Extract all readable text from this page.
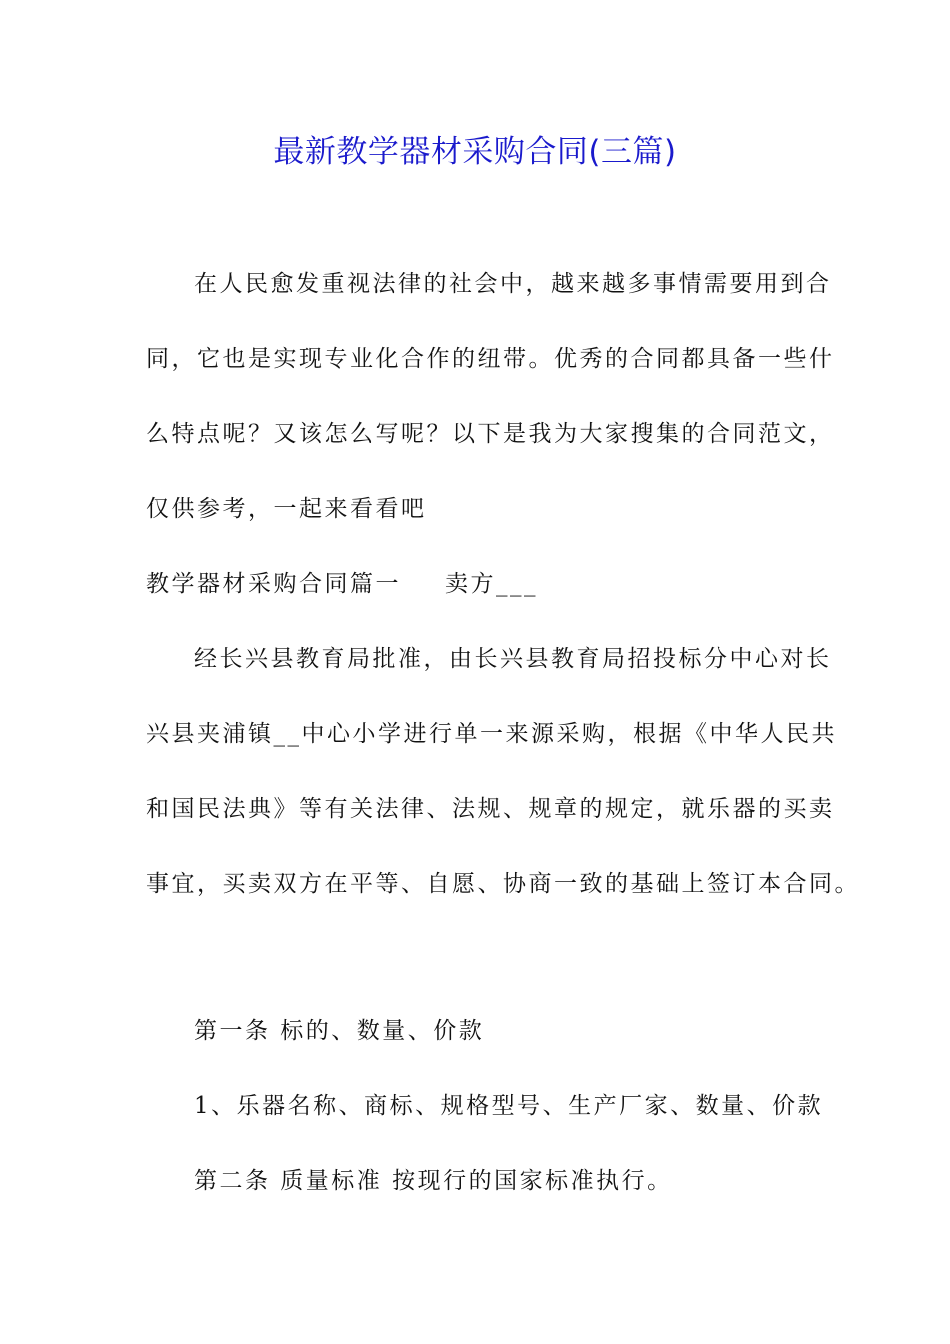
最新教学器材采购合同(三篇)
在人民愈发重视法律的社会中，越来越多事情需要用到合
同，它也是实现专业化合作的纽带。优秀的合同都具备一些什
么特点呢？又该怎么写呢？以下是我为大家搜集的合同范文，
仅供参考，一起来看看吧
教学器材采购合同篇一 卖方___
经长兴县教育局批准，由长兴县教育局招投标分中心对长
兴县夹浦镇__中心小学进行单一来源采购，根据《中华人民共
和国民法典》等有关法律、法规、规章的规定，就乐器的买卖
事宜，买卖双方在平等、自愿、协商一致的基础上签订本合同。
第一条 标的、数量、价款
1、乐器名称、商标、规格型号、生产厂家、数量、价款
第二条 质量标准 按现行的国家标准执行。
